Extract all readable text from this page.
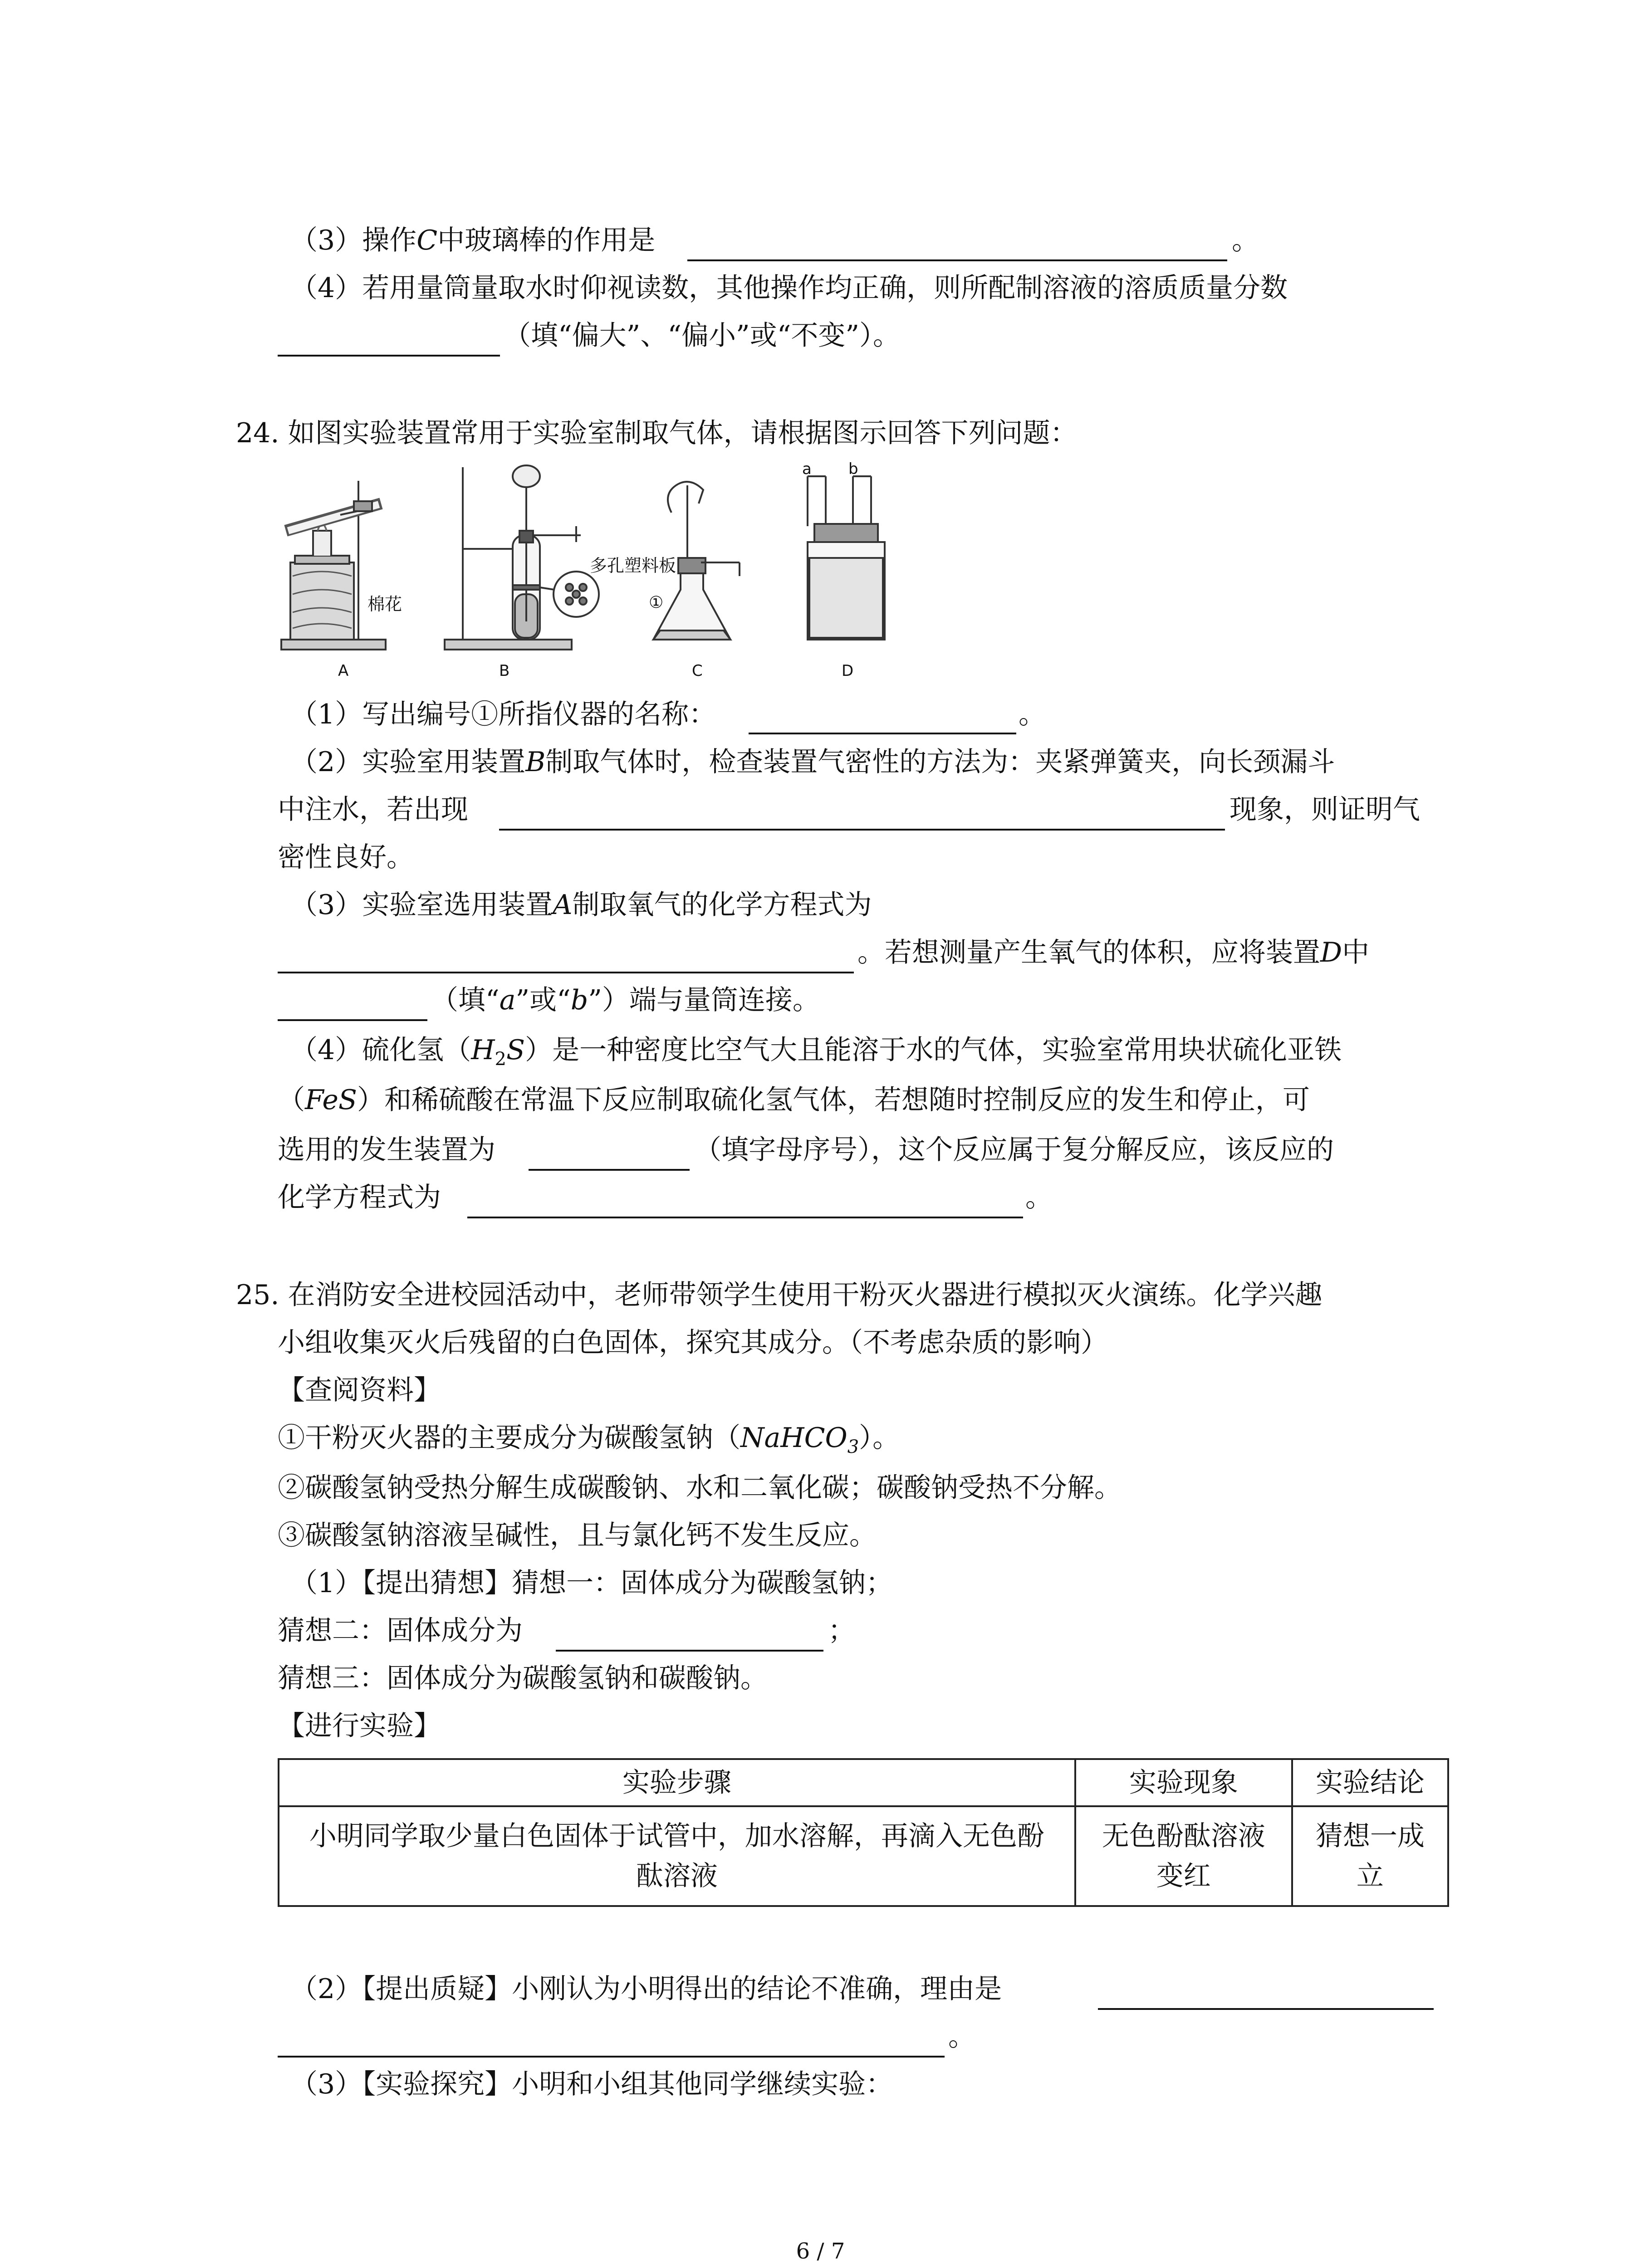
（3）操作C中玻璃棒的作用是	。
（4）若用量筒量取水时仰视读数，其他操作均正确，则所配制溶液的溶质质量分数
（填“偏大”、“偏小”或“不变”）。
24. 如图实验装置常用于实验室制取气体，请根据图示回答下列问题：
棉花
多孔塑料板
①
a b
A	B	C	D
（1）写出编号①所指仪器的名称：	。
（2）实验室用装置B制取气体时，检查装置气密性的方法为：夹紧弹簧夹，向长颈漏斗
中注水，若出现	现象，则证明气
密性良好。
（3）实验室选用装置A制取氧气的化学方程式为
。若想测量产生氧气的体积，应将装置D中
（填“a”或“b”）端与量筒连接。
（4）硫化氢$(H_2S)$是一种密度比空气大且能溶于水的气体，实验室常用块状硫化亚铁
（FeS）和稀硫酸在常温下反应制取硫化氢气体，若想随时控制反应的发生和停止，可
选用的发生装置为	（填字母序号），这个反应属于复分解反应，该反应的
化学方程式为	。
25. 在消防安全进校园活动中，老师带领学生使用干粉灭火器进行模拟灭火演练。化学兴趣
小组收集灭火后残留的白色固体，探究其成分。（不考虑杂质的影响）
【查阅资料】
①干粉灭火器的主要成分为碳酸氢钠（NaHCO$_3$）。
②碳酸氢钠受热分解生成碳酸钠、水和二氧化碳；碳酸钠受热不分解。
③碳酸氢钠溶液呈碱性，且与氯化钙不发生反应。
（1）【提出猜想】猜想一：固体成分为碳酸氢钠；
猜想二：固体成分为	；
猜想三：固体成分为碳酸氢钠和碳酸钠。
【进行实验】
实验步骤	实验现象	实验结论
小明同学取少量白色固体于试管中，加水溶解，再滴入无色酚酞溶液	无色酚酞溶液变红	猜想一成立
（2）【提出质疑】小刚认为小明得出的结论不准确，理由是
。
（3）【实验探究】小明和小组其他同学继续实验：
6 / 7
